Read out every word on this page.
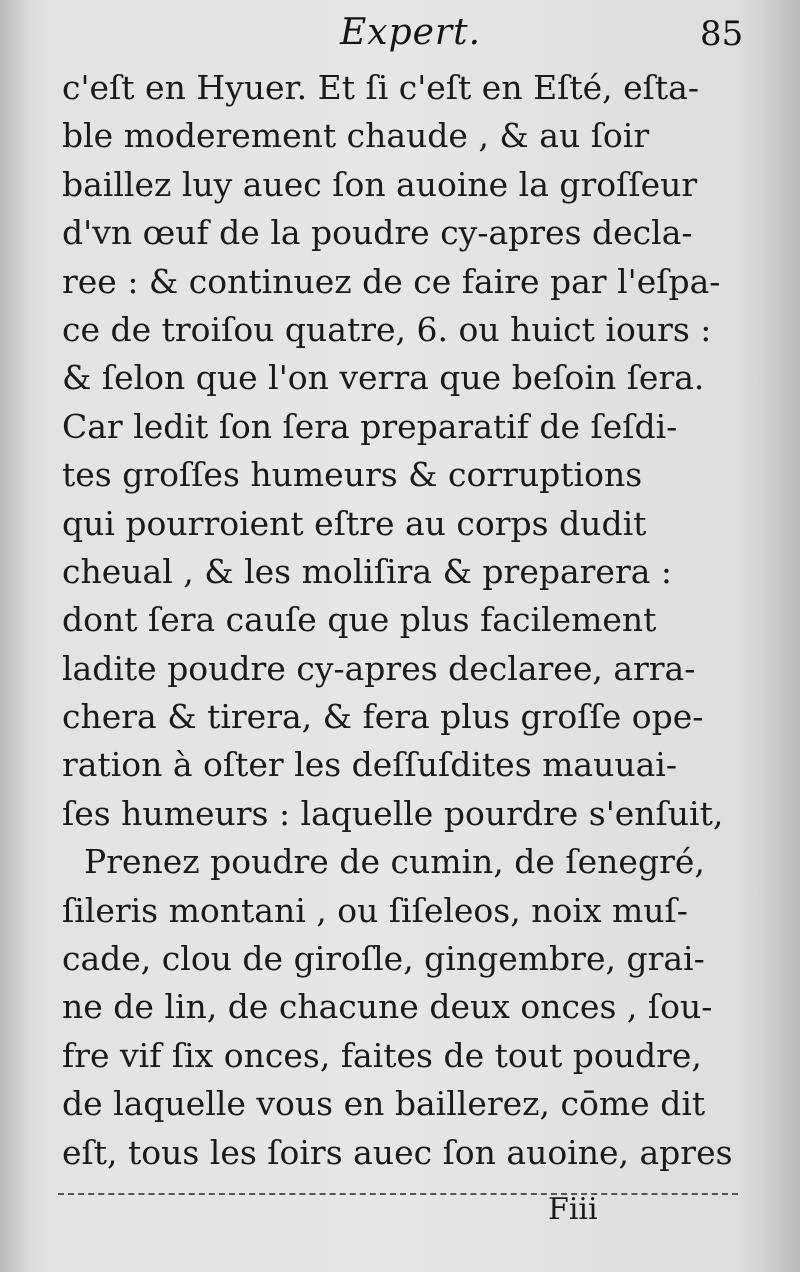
Expert.	85
c'eſt en Hyuer. Et ſi c'eſt en Eſté, eſta-
ble moderement chaude , & au ſoir
baillez luy auec ſon auoine la groſſeur
d'vn œuf de la poudre cy-apres decla-
ree : & continuez de ce faire par l'eſpa-
ce de troiſou quatre, 6. ou huict iours :
& ſelon que l'on verra que beſoin ſera.
Car ledit ſon ſera preparatif de ſeſdi-
tes groſſes humeurs & corruptions
qui pourroient eſtre au corps dudit
cheual , & les moliſira & preparera :
dont ſera cauſe que plus facilement
ladite poudre cy-apres declaree, arra-
chera & tirera, & fera plus groſſe ope-
ration à oſter les deſſuſdites mauuai-
ſes humeurs : laquelle pourdre s'enſuit,
Prenez poudre de cumin, de ſenegré,
ſileris montani , ou ſiſeleos, noix muſ-
cade, clou de giroſle, gingembre, grai-
ne de lin, de chacune deux onces , ſou-
fre vif ſix onces, faites de tout poudre,
de laquelle vous en baillerez, cōme dit
eſt, tous les ſoirs auec ſon auoine, apres
Fiii
